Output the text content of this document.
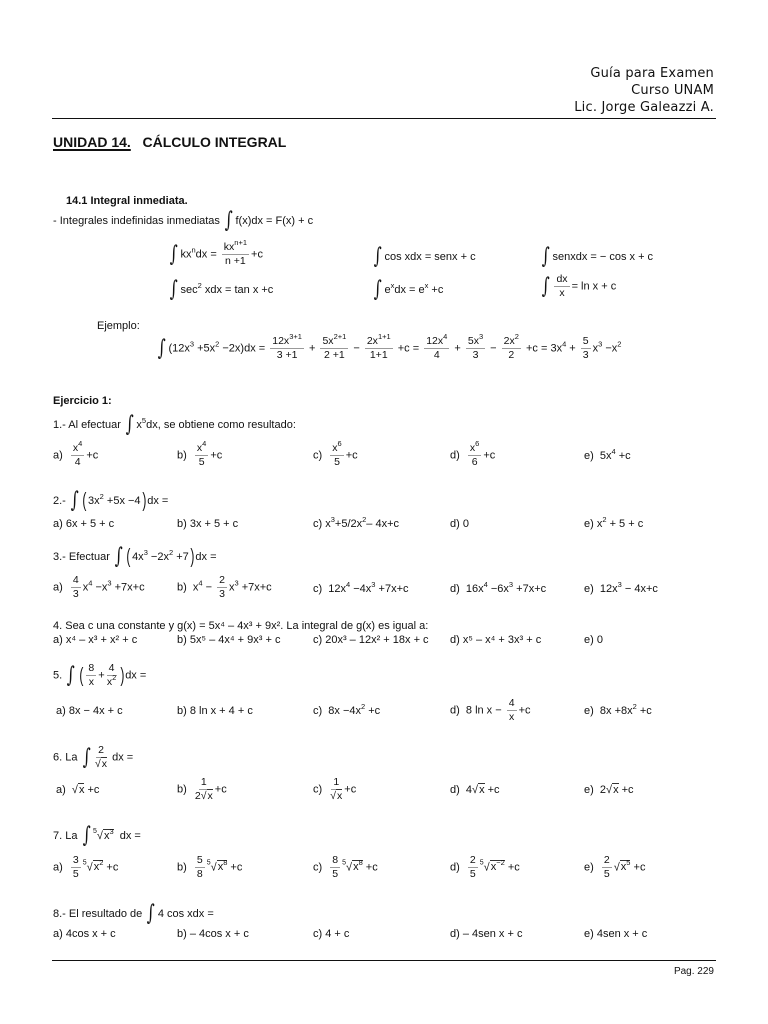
Guía para Examen
Curso UNAM
Lic. Jorge Galeazzi A.
UNIDAD 14. CÁLCULO INTEGRAL
14.1 Integral inmediata.
- Integrales indefinidas inmediatas ∫ f(x)dx = F(x) + c
∫ $kx^ndx = \frac{kx^{n+1}}{n +1} +c$	∫ cos xdx = senx + c	∫ senxdx = − cos x + c
∫ $\sec^2$ xdx = tan x +c	∫ $e^xdx = e^x +c$	∫ $\frac{dx}{x} = \ln x + c$
Ejemplo:
∫ $(12x^3 +5x^2 -2x)dx = \frac{12x^{3+1}}{3 +1} + \frac{5x^{2+1}}{2 +1} - \frac{2x^{1+1}}{1+1} +c = \frac{12x^4}{4} + \frac{5x^3}{3} - \frac{2x^2}{2} +c = 3x^4 + \frac{5}{3} x^3 -x^2$
Ejercicio 1:
1.- Al efectuar ∫ $x^5dx$, se obtiene como resultado:
$a) \frac{x^4}{4} +c$	$b) \frac{x^4}{5} +c$	$c) \frac{x^6}{5} +c$	$d) \frac{x^6}{6} +c$	e)  $5x^4 +c$
2.- ∫ $(3x^2 +5x -4)dx$ =
a) 6x + 5 + c	b) 3x + 5 + c	c) $x^3+5/2x^2-$ 4x+c	d) 0	e) $x^2 + 5 + c$
3.- Efectuar ∫ $(4x^3 -2x^2 +7)dx$ =
$a) \frac{4}{3} x^4 -x^3 +7x+c$	b)  $x^4 - \frac{2}{3} x^3 +7x+c$	c)  $12x^4 -4x^3 +7x+c$	d)  $16x^4 -6x^3 +7x+c$	e)  $12x^3 - 4x+c$
4. Sea c una constante y g(x) = 5x⁴ – 4x³ + 9x². La integral de g(x) es igual a:
a) x⁴ – x³ + x² + c	b) 5x⁵ – 4x⁴ + 9x³ + c	c) 20x³ – 12x² + 18x + c d) x⁵ – x⁴ + 3x³ + c	e) 0
5. ∫ ( $\frac{8}{x} + \frac{4}{x^2} )dx$ =
a) 8x − 4x + c	b) 8 ln x + 4 + c	c)  $8x -4x^2 +c$	d)  8 $\ln x - \frac{4}{x} +c$	e)  $8x +8x^2 +c$
6. La ∫ $\frac{2}{√x}$ dx =
a)  √x +c	$b) \frac{1}{2√x} +c$	$c) \frac{1}{√x} +c$	d)  4√x +c	e)  2√x +c
7. La ∫ $^5√x^3$  dx =
$a) \frac{3}{5} ^5√x^2 +c$	$b) \frac{5}{8} ^5√x^8 +c$	$c) \frac{8}{5} ^5√x^8 +c$	$d) \frac{2}{5} ^5√x^{-2} +c$	$e) \frac{2}{5} √x^5 +c$
8.- El resultado de ∫ 4 cos xdx =
a) 4cos x + c	b) – 4cos x + c	c) 4 + c	d) – 4sen x + c	e) 4sen x + c
Pag. 229
